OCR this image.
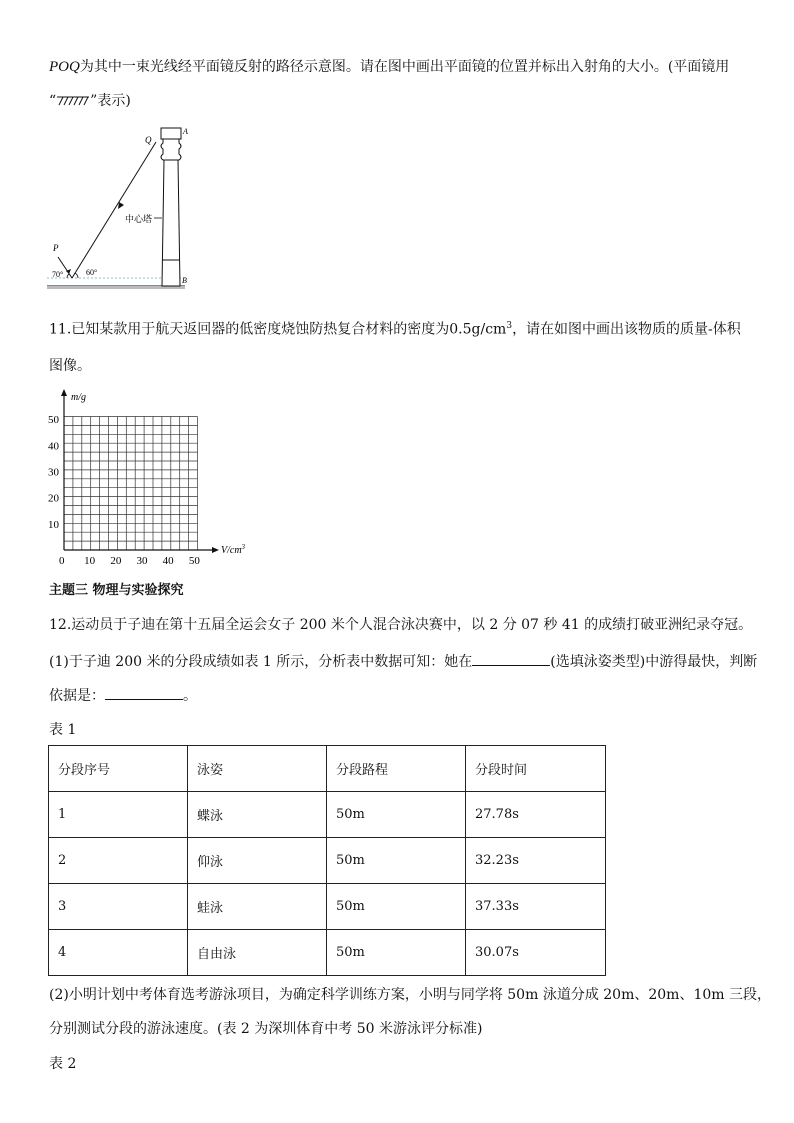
POQ为其中一束光线经平面镜反射的路径示意图。请在图中画出平面镜的位置并标出入射角的大小。(平面镜用
“ ”表示)
中心塔
Q
A
B
P
70°	60°
11.已知某款用于航天返回器的低密度烧蚀防热复合材料的密度为$0.5g/cm^3$，请在如图中画出该物质的质量-体积
图像。
m/g
$V/cm^3$
50
40
30
20
10
0 10 20 30 40 50
主题三 物理与实验探究
12.运动员于子迪在第十五届全运会女子 200 米个人混合泳决赛中，以 2 分 07 秒 41 的成绩打破亚洲纪录夺冠。
(1)于子迪 200 米的分段成绩如表 1 所示，分析表中数据可知：她在	(选填泳姿类型)中游得最快，判断
依据是：	。
表 1
分段序号	泳姿	分段路程	分段时间
1	蝶泳	50m	27.78s
2	仰泳	50m	32.23s
3	蛙泳	50m	37.33s
4	自由泳	50m	30.07s
(2)小明计划中考体育选考游泳项目，为确定科学训练方案，小明与同学将 50m 泳道分成 20m、20m、10m 三段，
分别测试分段的游泳速度。(表 2 为深圳体育中考 50 米游泳评分标准)
表 2
